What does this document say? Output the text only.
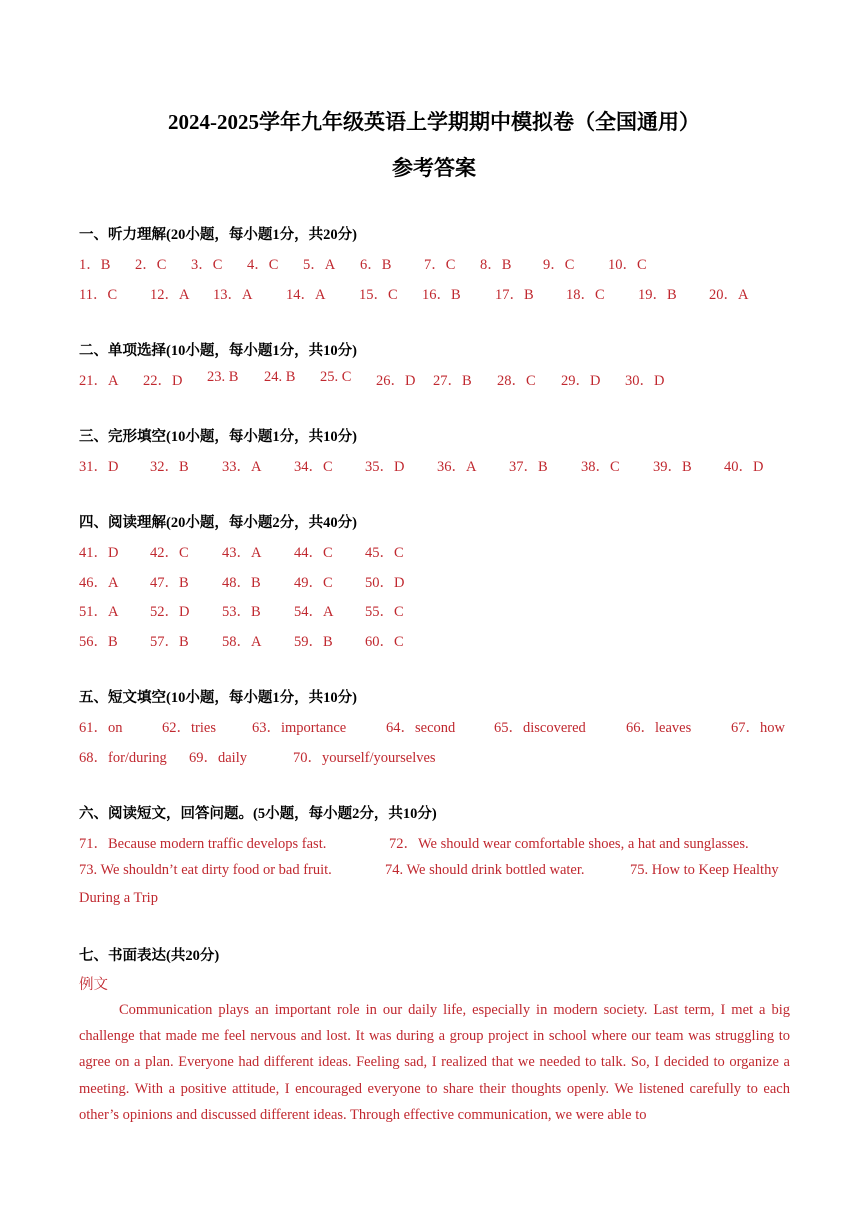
2024-2025学年九年级英语上学期期中模拟卷（全国通用）
参考答案
一、听力理解(20小题，每小题1分，共20分)
1．B 2．C 3．C 4．C 5．A 6．B 7．C 8．B 9．C 10．C
11．C 12．A 13．A 14．A 15．C 16．B 17．B 18．C 19．B 20．A
二、单项选择(10小题，每小题1分，共10分)
21．A 22．D 23. B 24. B 25. C 26．D 27．B 28．C 29．D 30．D
三、完形填空(10小题，每小题1分，共10分)
31．D 32．B 33．A 34．C 35．D 36．A 37．B 38．C 39．B 40．D
四、阅读理解(20小题，每小题2分，共40分)
41．D 42．C 43．A 44．C 45．C
46．A 47．B 48．B 49．C 50．D
51．A 52．D 53．B 54．A 55．C
56．B 57．B 58．A 59．B 60．C
五、短文填空(10小题，每小题1分，共10分)
61．on	62．tries 63．importance	64．second	65．discovered	66．leaves	67．how
68．for/during 69．daily	70．yourself/yourselves
六、阅读短文，回答问题。(5小题，每小题2分，共10分)
71．Because modern traffic develops fast.	72．We should wear comfortable shoes, a hat and sunglasses.
73. We shouldn’t eat dirty food or bad fruit.	74. We should drink bottled water.	75. How to Keep Healthy
During a Trip
七、书面表达(共20分)
例文
Communication plays an important role in our daily life, especially in modern society. Last term, I met a big challenge that made me feel nervous and lost. It was during a group project in school where our team was struggling to agree on a plan. Everyone had different ideas. Feeling sad, I realized that we needed to talk. So, I decided to organize a meeting. With a positive attitude, I encouraged everyone to share their thoughts openly. We listened carefully to each other’s opinions and discussed different ideas. Through effective communication, we were able to
